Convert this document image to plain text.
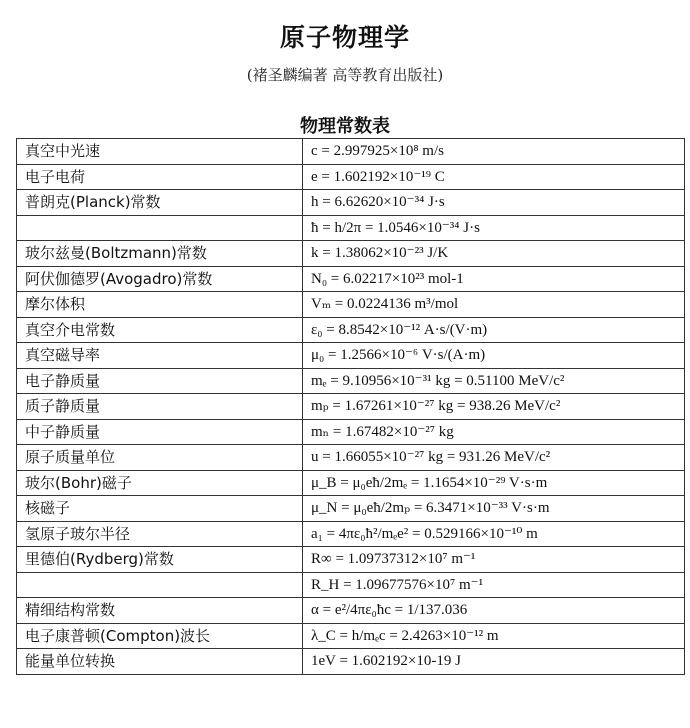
原子物理学
(褚圣麟编著 高等教育出版社)
物理常数表
真空中光速	c = 2.997925×10⁸ m/s
电子电荷	e = 1.602192×10⁻¹⁹ C
普朗克(Planck)常数	h = 6.62620×10⁻³⁴ J·s
	ħ = h/2π = 1.0546×10⁻³⁴ J·s
玻尔兹曼(Boltzmann)常数	k = 1.38062×10⁻²³ J/K
阿伏伽德罗(Avogadro)常数	N₀ = 6.02217×10²³ mol-1
摩尔体积	Vₘ = 0.0224136 m³/mol
真空介电常数	ε₀ = 8.8542×10⁻¹² A·s/(V·m)
真空磁导率	μ₀ = 1.2566×10⁻⁶ V·s/(A·m)
电子静质量	mₑ = 9.10956×10⁻³¹ kg = 0.51100 MeV/c²
质子静质量	mₚ = 1.67261×10⁻²⁷ kg = 938.26 MeV/c²
中子静质量	mₙ = 1.67482×10⁻²⁷ kg
原子质量单位	u = 1.66055×10⁻²⁷ kg = 931.26 MeV/c²
玻尔(Bohr)磁子	μ_B = μ₀eħ/2mₑ = 1.1654×10⁻²⁹ V·s·m
核磁子	μ_N = μ₀eħ/2mₚ = 6.3471×10⁻³³ V·s·m
氢原子玻尔半径	a₁ = 4πε₀ħ²/mₑe² = 0.529166×10⁻¹⁰ m
里德伯(Rydberg)常数	R∞ = 1.09737312×10⁷ m⁻¹
	R_H = 1.09677576×10⁷ m⁻¹
精细结构常数	α = e²/4πε₀ħc = 1/137.036
电子康普顿(Compton)波长	λ_C = h/mₑc = 2.4263×10⁻¹² m
能量单位转换	1eV = 1.602192×10-19 J
